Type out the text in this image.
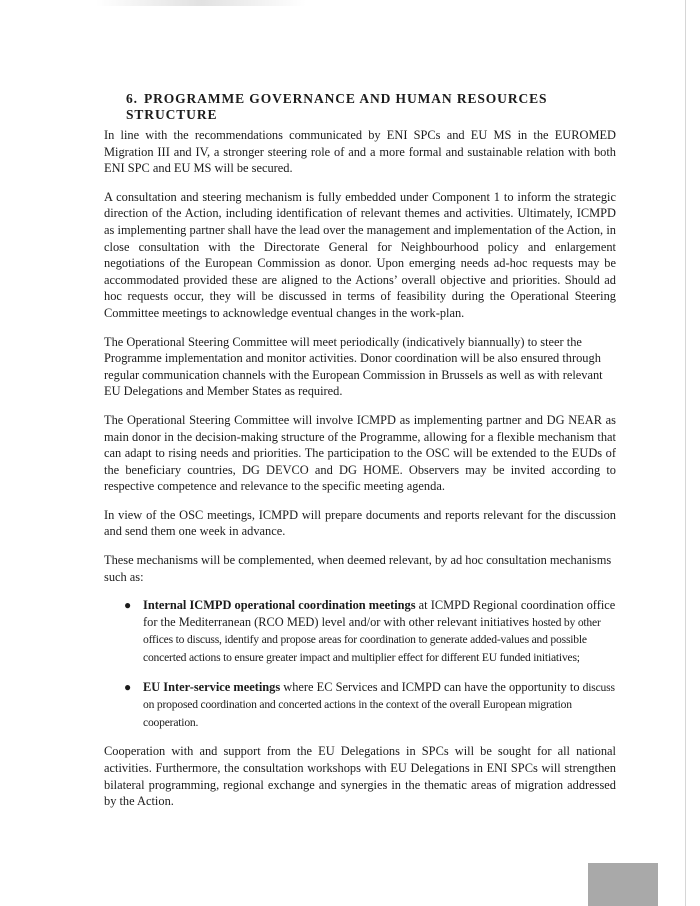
6. PROGRAMME GOVERNANCE AND HUMAN RESOURCES STRUCTURE

In line with the recommendations communicated by ENI SPCs and EU MS in the EUROMED Migration III and IV, a stronger steering role of and a more formal and sustainable relation with both ENI SPC and EU MS will be secured.

A consultation and steering mechanism is fully embedded under Component 1 to inform the strategic direction of the Action, including identification of relevant themes and activities. Ultimately, ICMPD as implementing partner shall have the lead over the management and implementation of the Action, in close consultation with the Directorate General for Neighbourhood policy and enlargement negotiations of the European Commission as donor. Upon emerging needs ad-hoc requests may be accommodated provided these are aligned to the Actions’ overall objective and priorities. Should ad hoc requests occur, they will be discussed in terms of feasibility during the Operational Steering Committee meetings to acknowledge eventual changes in the work-plan.

The Operational Steering Committee will meet periodically (indicatively biannually) to steer the Programme implementation and monitor activities. Donor coordination will be also ensured through regular communication channels with the European Commission in Brussels as well as with relevant EU Delegations and Member States as required.

The Operational Steering Committee will involve ICMPD as implementing partner and DG NEAR as main donor in the decision-making structure of the Programme, allowing for a flexible mechanism that can adapt to rising needs and priorities. The participation to the OSC will be extended to the EUDs of the beneficiary countries, DG DEVCO and DG HOME. Observers may be invited according to respective competence and relevance to the specific meeting agenda.

In view of the OSC meetings, ICMPD will prepare documents and reports relevant for the discussion and send them one week in advance.

These mechanisms will be complemented, when deemed relevant, by ad hoc consultation mechanisms such as:

● Internal ICMPD operational coordination meetings at ICMPD Regional coordination office for the Mediterranean (RCO MED) level and/or with other relevant initiatives hosted by other offices to discuss, identify and propose areas for coordination to generate added-values and possible concerted actions to ensure greater impact and multiplier effect for different EU funded initiatives;
● EU Inter-service meetings where EC Services and ICMPD can have the opportunity to discuss on proposed coordination and concerted actions in the context of the overall European migration cooperation.

Cooperation with and support from the EU Delegations in SPCs will be sought for all national activities. Furthermore, the consultation workshops with EU Delegations in ENI SPCs will strengthen bilateral programming, regional exchange and synergies in the thematic areas of migration addressed by the Action.
